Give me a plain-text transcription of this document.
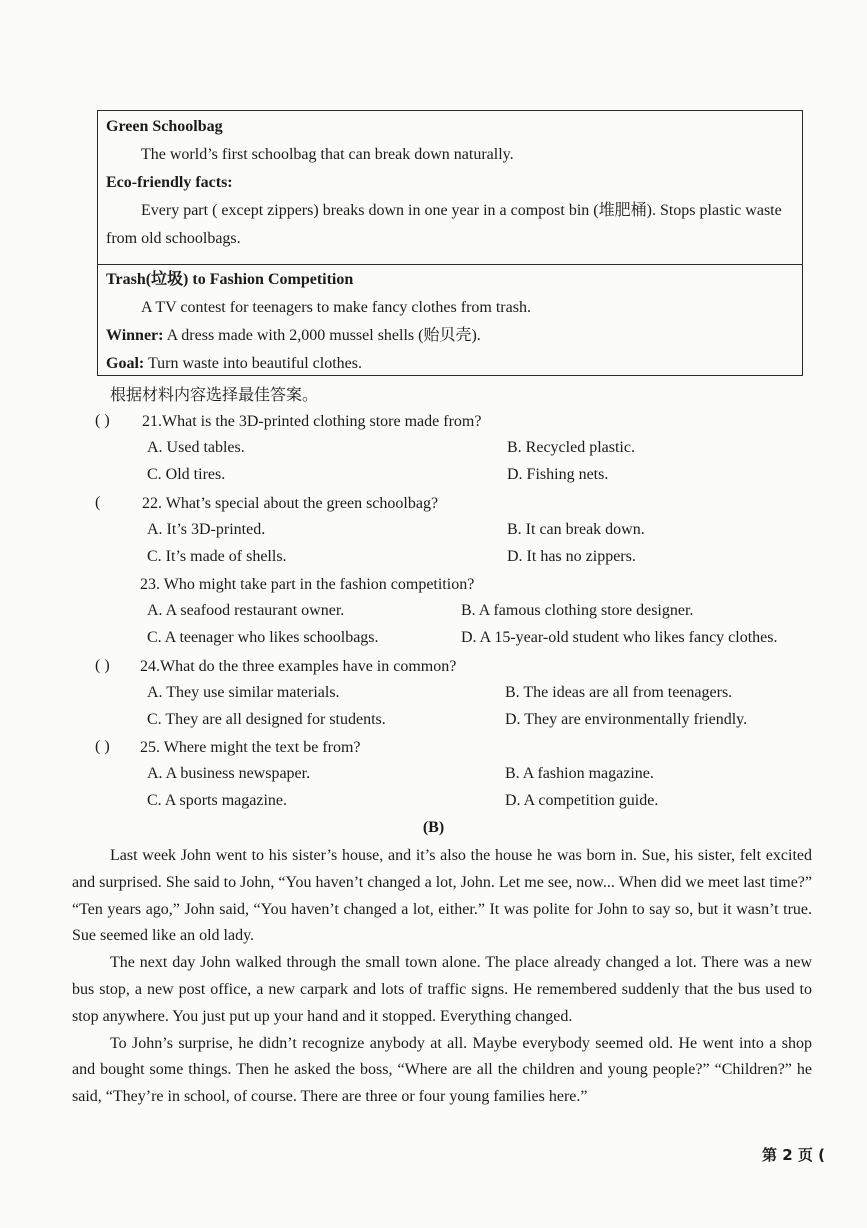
Green Schoolbag
The world’s first schoolbag that can break down naturally.
Eco-friendly facts:
Every part ( except zippers) breaks down in one year in a compost bin (堆肥桶). Stops plastic waste from old schoolbags.
Trash(垃圾) to Fashion Competition
A TV contest for teenagers to make fancy clothes from trash.
Winner: A dress made with 2,000 mussel shells (贻贝壳).
Goal: Turn waste into beautiful clothes.
根据材料内容选择最佳答案。
( ) 21.What is the 3D-printed clothing store made from?
A. Used tables.	B. Recycled plastic.
C. Old tires.	D. Fishing nets.
(	22. What’s special about the green schoolbag?
A. It’s 3D-printed.	B. It can break down.
C. It’s made of shells.	D. It has no zippers.
23. Who might take part in the fashion competition?
A. A seafood restaurant owner.	B. A famous clothing store designer.
C. A teenager who likes schoolbags.	D. A 15-year-old student who likes fancy clothes.
( ) 24.What do the three examples have in common?
A. They use similar materials.	B. The ideas are all from teenagers.
C. They are all designed for students.	D. They are environmentally friendly.
( ) 25. Where might the text be from?
A. A business newspaper.	B. A fashion magazine.
C. A sports magazine.	D. A competition guide.
(B)

Last week John went to his sister’s house, and it’s also the house he was born in. Sue, his sister, felt excited and surprised. She said to John, “You haven’t changed a lot, John. Let me see, now... When did we meet last time?” “Ten years ago,” John said, “You haven’t changed a lot, either.” It was polite for John to say so, but it wasn’t true. Sue seemed like an old lady.

The next day John walked through the small town alone. The place already changed a lot. There was a new bus stop, a new post office, a new carpark and lots of traffic signs. He remembered suddenly that the bus used to stop anywhere. You just put up your hand and it stopped. Everything changed.

To John’s surprise, he didn’t recognize anybody at all. Maybe everybody seemed old. He went into a shop and bought some things. Then he asked the boss, “Where are all the children and young people?” “Children?” he said, “They’re in school, of course. There are three or four young families here.”

第 2 页 (
